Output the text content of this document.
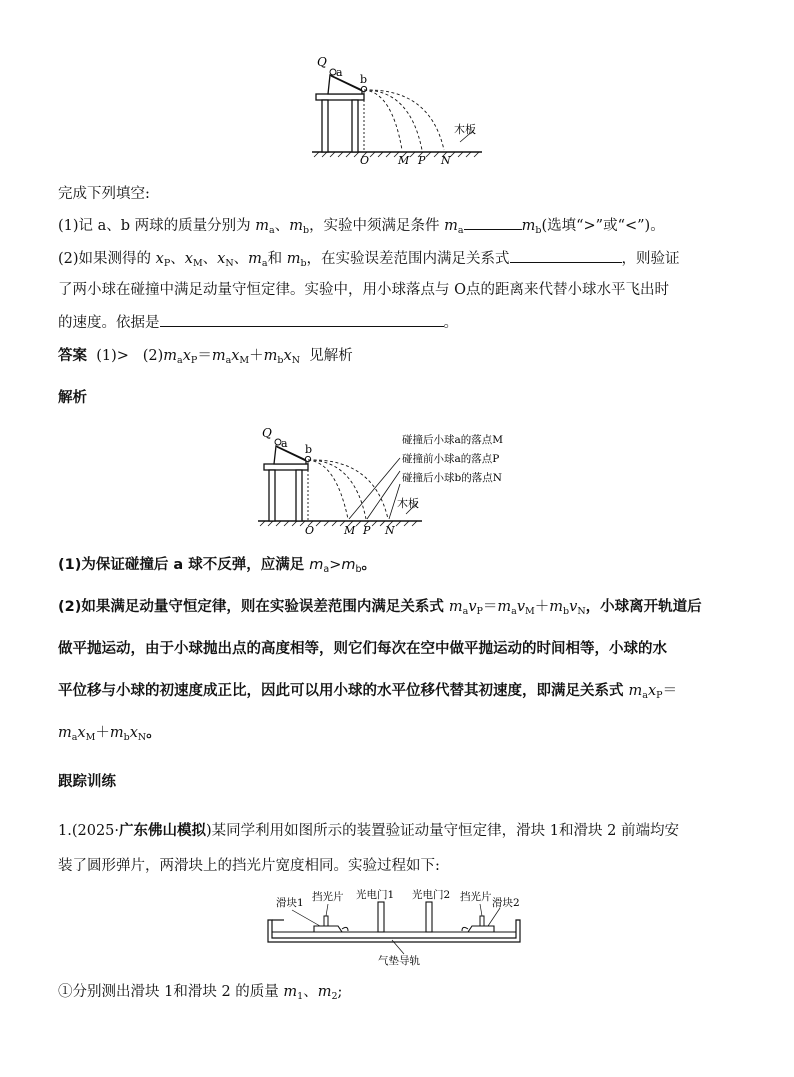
Q
a
b
O	M P N
木板
完成下列填空:
(1)记 a、b 两球的质量分别为 $m_a$、$m_b$，实验中须满足条件 $m_a$	$m_b$(选填“>”或“<”)。
(2)如果测得的 $x_P$、$x_M$、$x_N$、$m_a$和 $m_b$，在实验误差范围内满足关系式	，则验证
了两小球在碰撞中满足动量守恒定律。实验中，用小球落点与 O点的距离来代替小球水平飞出时
的速度。依据是	。
答案 $(1)> (2)m_ax_P=m_ax_M+m_bx_N$ 见解析
解析
Q
a b
O	M P N
木板
碰撞后小球a的落点M
碰撞前小球a的落点P
碰撞后小球b的落点N
(1)为保证碰撞后 a 球不反弹，应满足 $m_a>m_b$。
(2)如果满足动量守恒定律，则在实验误差范围内满足关系式 $m_av_P=m_av_M+m_bv_N$，小球离开轨道后
做平抛运动，由于小球抛出点的高度相等，则它们每次在空中做平抛运动的时间相等，小球的水
平位移与小球的初速度成正比，因此可以用小球的水平位移代替其初速度，即满足关系式 $m_ax_P=$
$m_ax_M+m_bx_N$。
跟踪训练
1.(2025·广东佛山模拟)某同学利用如图所示的装置验证动量守恒定律，滑块 1和滑块 2 前端均安
装了圆形弹片，两滑块上的挡光片宽度相同。实验过程如下:
滑块1 挡光片 光电门1 光电门2 挡光片 滑块2
气垫导轨
①分别测出滑块 1和滑块 2 的质量 $m_1$、$m_2$;
